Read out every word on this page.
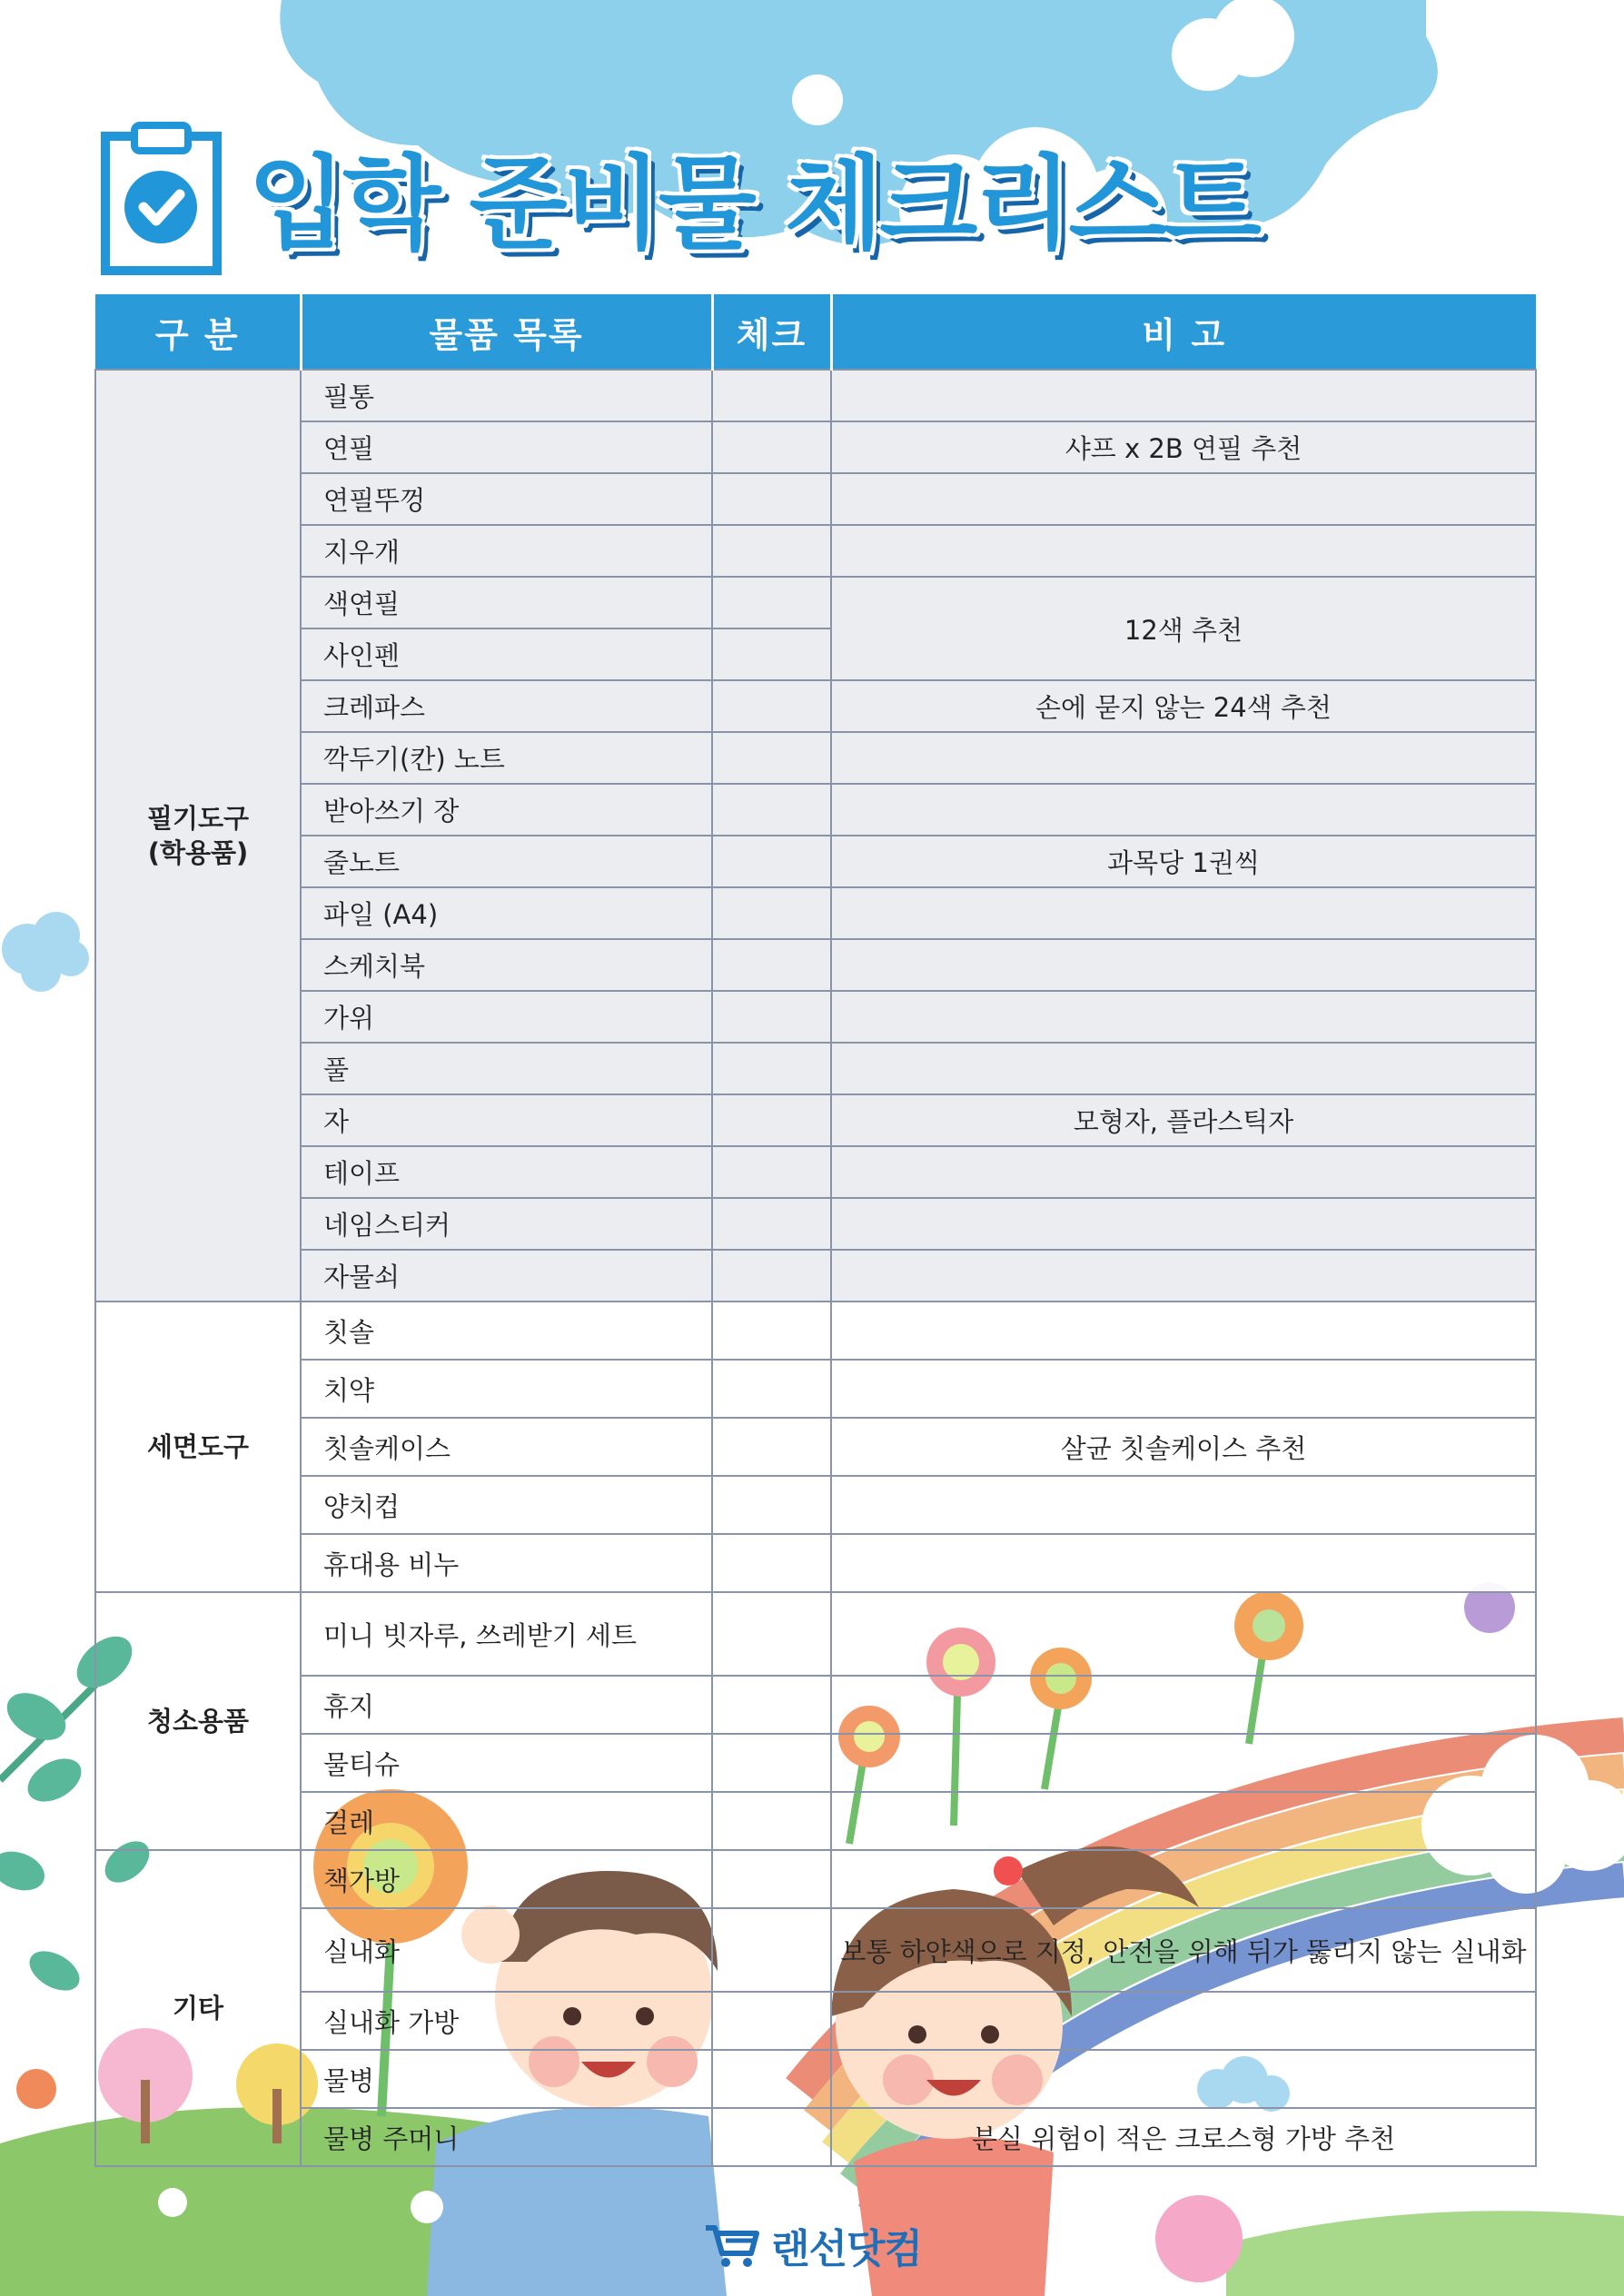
입학 준비물 체크리스트
구 분	물품 목록	체크	비 고

필기도구
(학용품)	필통		
	연필		샤프 x 2B 연필 추천
	연필뚜껑		
	지우개		
	색연필		12색 추천
	사인펜		
	크레파스		손에 묻지 않는 24색 추천
	깍두기(칸) 노트		
	받아쓰기 장		
	줄노트		과목당 1권씩
	파일 (A4)		
	스케치북		
	가위		
	풀		
	자		모형자, 플라스틱자
	테이프		
	네임스티커		
	자물쇠		
세면도구	칫솔		
	치약		
	칫솔케이스		살균 칫솔케이스 추천
	양치컵		
	휴대용 비누		
청소용품	미니 빗자루, 쓰레받기 세트		
	휴지		
	물티슈		
	걸레		
기타	책가방		
	실내화		보통 하얀색으로 지정, 안전을 위해 뒤가 뚫리지 않는 실내화
	실내화 가방		
	물병		
	물병 주머니		분실 위험이 적은 크로스형 가방 추천
랜선닷컴
